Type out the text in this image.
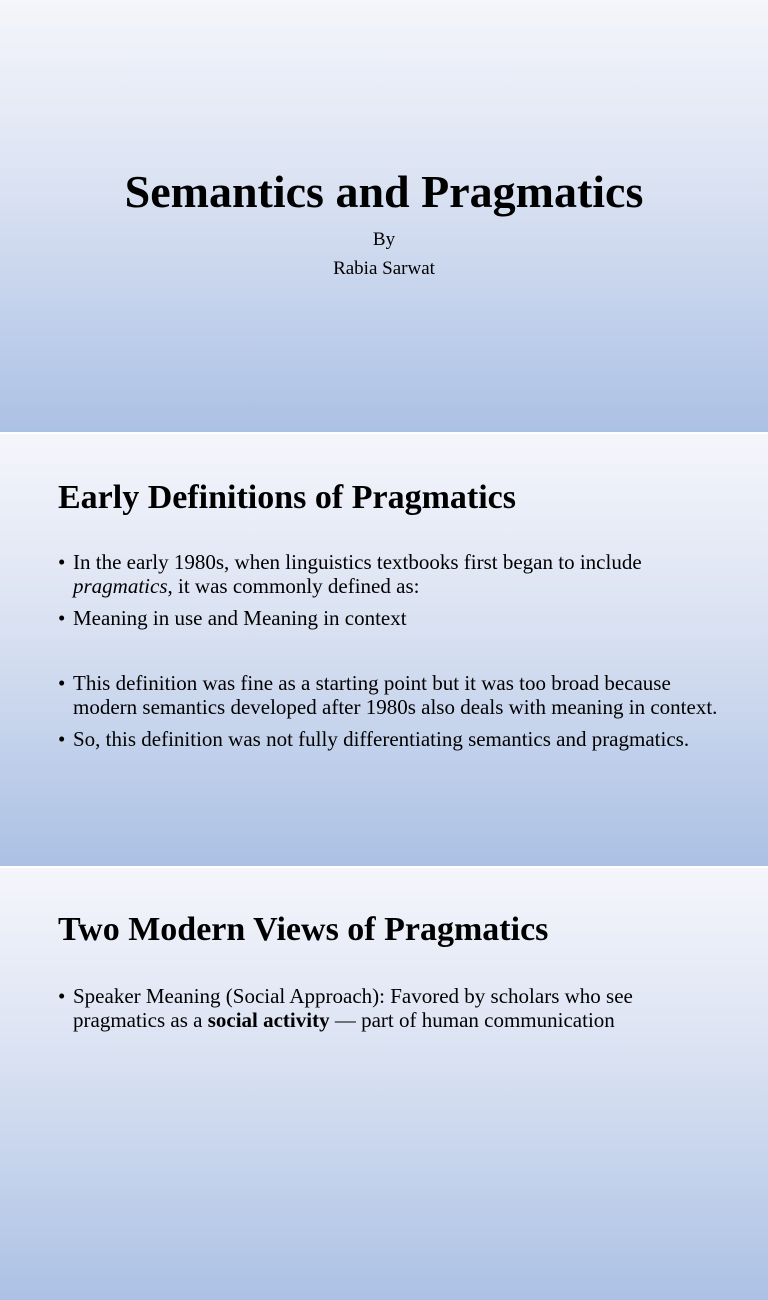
Semantics and Pragmatics
By
Rabia Sarwat
Early Definitions of Pragmatics
• In the early 1980s, when linguistics textbooks first began to include pragmatics, it was commonly defined as:
• Meaning in use and Meaning in context
• This definition was fine as a starting point but it was too broad because modern semantics developed after 1980s also deals with meaning in context.
• So, this definition was not fully differentiating semantics and pragmatics.
Two Modern Views of Pragmatics
• Speaker Meaning (Social Approach): Favored by scholars who see pragmatics as a social activity — part of human communication
